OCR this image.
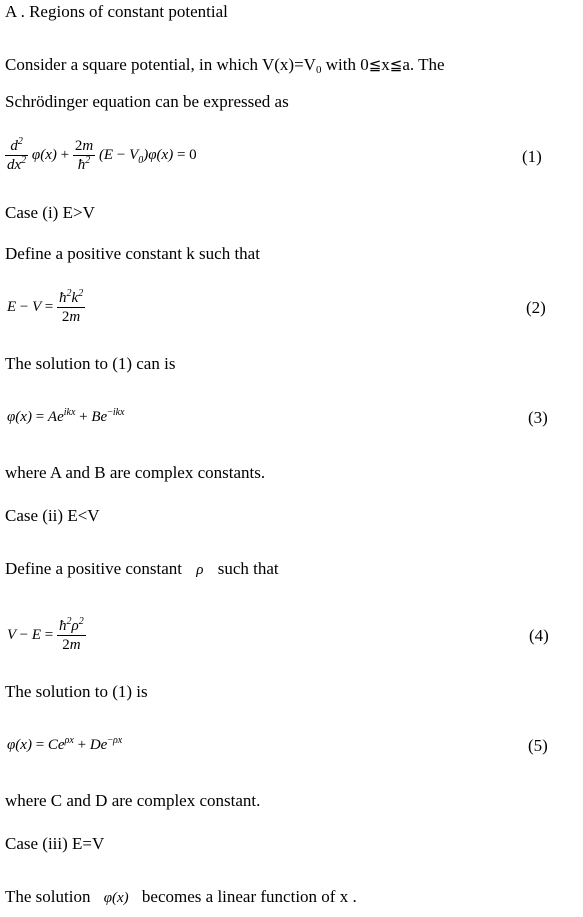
A . Regions of constant potential
Consider a square potential, in which V(x)=V0 with 0≦x≦a. The
Schrödinger equation can be expressed as
$\frac{d^2}{dx^2} \varphi(x) + \frac{2m}{ħ^2} (E - V_0)\varphi(x) = 0$	(1)
Case (i) E>V
Define a positive constant k such that
$E - V = \frac{ħ^2k^2}{2m}$	(2)
The solution to (1) can is
$\varphi(x) = Ae^{ikx} + Be^{-ikx}$	(3)
where A and B are complex constants.
Case (ii) E<V
Define a positive constant ρ such that
$V - E = \frac{ħ^2\rho^2}{2m}$	(4)
The solution to (1) is
$\varphi(x) = Ce^{\rho x} + De^{-\rho x}$	(5)
where C and D are complex constant.
Case (iii) E=V
The solution φ(x) becomes a linear function of x .
